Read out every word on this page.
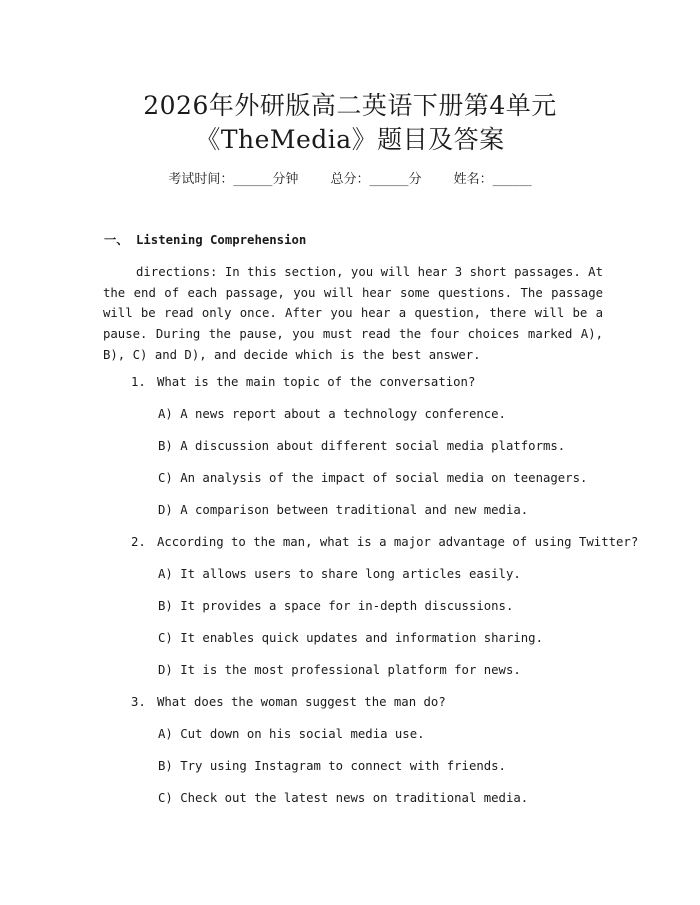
2026年外研版高二英语下册第4单元
《TheMedia》题目及答案
考试时间：______分钟 总分：______分 姓名：______
一、 Listening Comprehension
directions: In this section, you will hear 3 short passages. At the end of each passage, you will hear some questions. The passage will be read only once. After you hear a question, there will be a pause. During the pause, you must read the four choices marked A), B), C) and D), and decide which is the best answer.
1. What is the main topic of the conversation?
A) A news report about a technology conference.
B) A discussion about different social media platforms.
C) An analysis of the impact of social media on teenagers.
D) A comparison between traditional and new media.
2. According to the man, what is a major advantage of using Twitter?
A) It allows users to share long articles easily.
B) It provides a space for in-depth discussions.
C) It enables quick updates and information sharing.
D) It is the most professional platform for news.
3. What does the woman suggest the man do?
A) Cut down on his social media use.
B) Try using Instagram to connect with friends.
C) Check out the latest news on traditional media.
